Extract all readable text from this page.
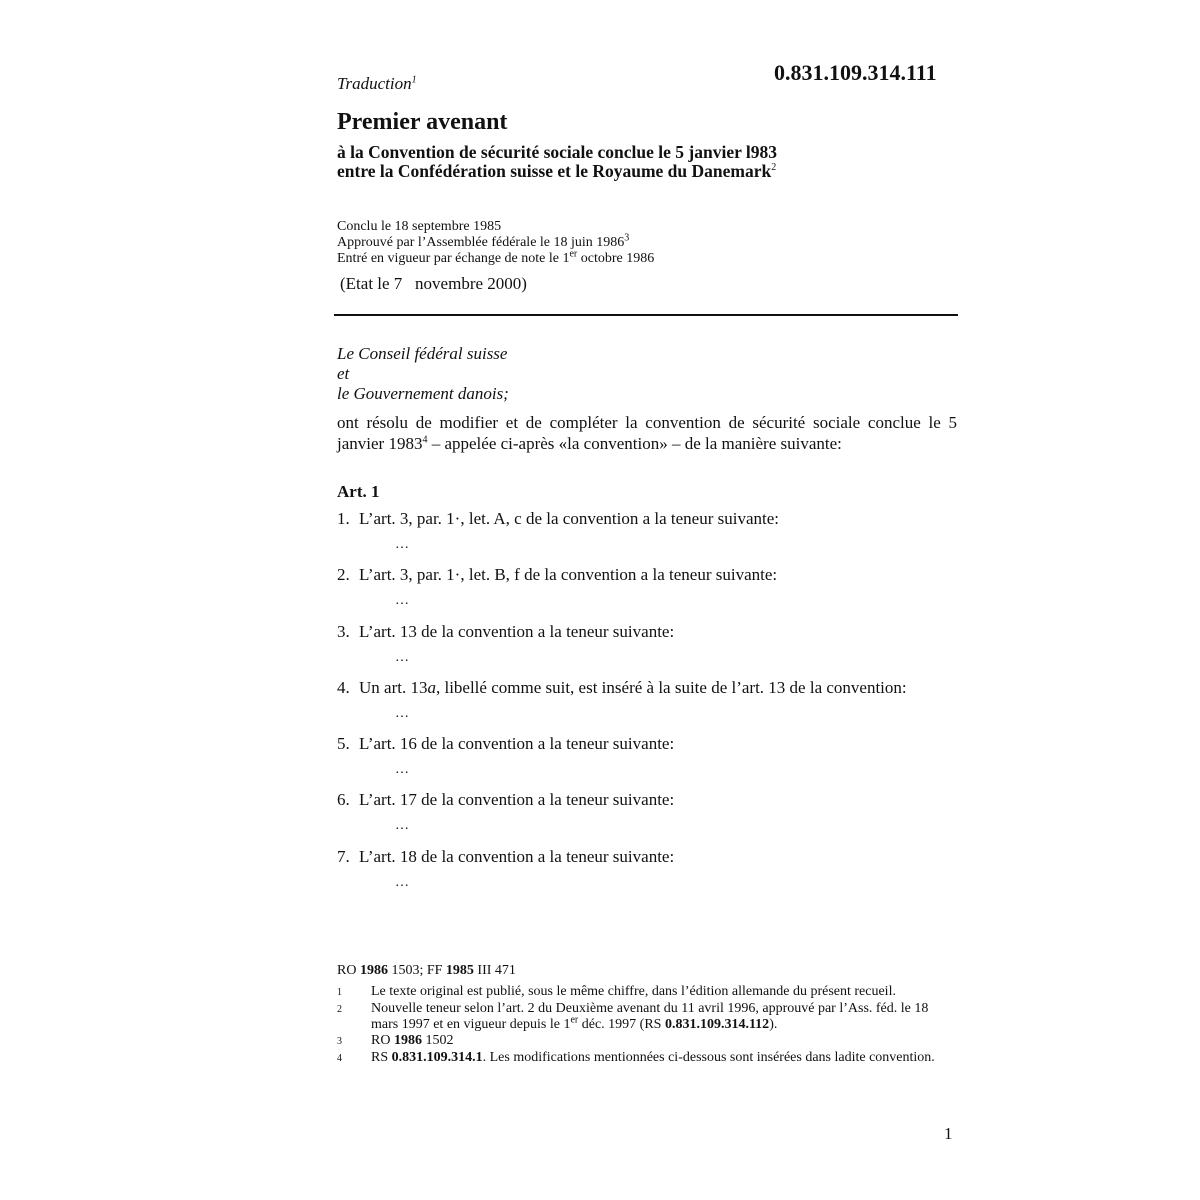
Traduction$^1$	0.831.109.314.111
Premier avenant
à la Convention de sécurité sociale conclue le 5 janvier l983
entre la Confédération suisse et le Royaume du Danemark$^2$
Conclu le 18 septembre 1985
Approuvé par l’Assemblée fédérale le 18 juin 1986$^3$
Entré en vigueur par échange de note le 1er octobre 1986
(Etat le 7   novembre 2000)
Le Conseil fédéral suisse
et
le Gouvernement danois;
ont résolu de modifier et de compléter la convention de sécurité sociale conclue le 5 janvier 1983$^4$ – appelée ci-après «la convention» – de la manière suivante:
Art. 1
1. L’art. 3, par. 1·, let. A, c de la convention a la teneur suivante:
…
2. L’art. 3, par. 1·, let. B, f de la convention a la teneur suivante:
…
3. L’art. 13 de la convention a la teneur suivante:
…
4. Un art. 13a, libellé comme suit, est inséré à la suite de l’art. 13 de la convention:
…
5. L’art. 16 de la convention a la teneur suivante:
…
6. L’art. 17 de la convention a la teneur suivante:
…
7. L’art. 18 de la convention a la teneur suivante:
…
RO 1986 1503; FF 1985 III 471
1	Le texte original est publié, sous le même chiffre, dans l’édition allemande du présent recueil.
2	Nouvelle teneur selon l’art. 2 du Deuxième avenant du 11 avril 1996, approuvé par l’Ass. féd. le 18 mars 1997 et en vigueur depuis le 1er déc. 1997 (RS 0.831.109.314.112).
3	RO 1986 1502
4	RS 0.831.109.314.1. Les modifications mentionnées ci-dessous sont insérées dans ladite convention.
1
